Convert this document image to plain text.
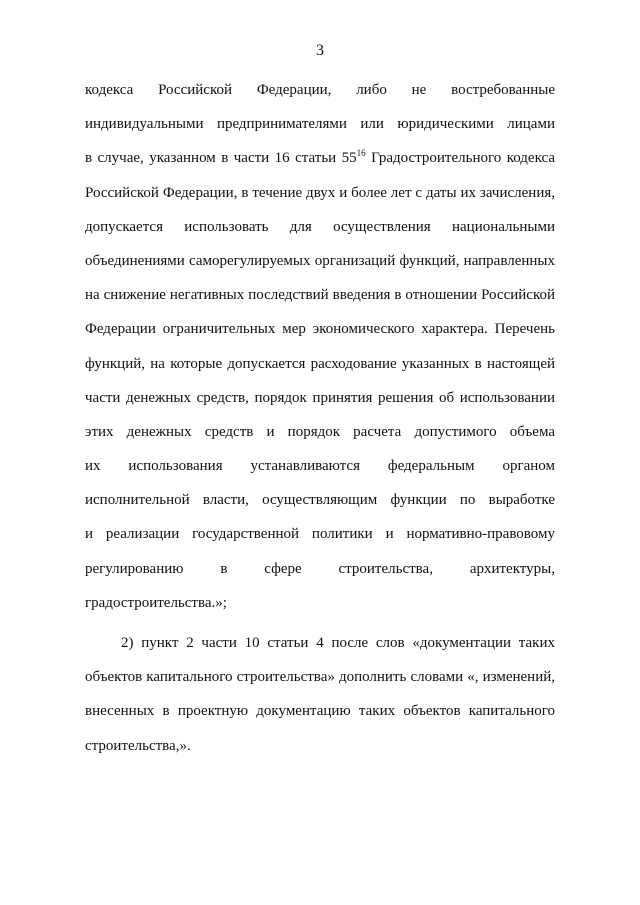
3
кодекса Российской Федерации, либо не востребованные
индивидуальными предпринимателями или юридическими лицами
в случае, указанном в части 16 статьи $55^{16}$ Градостроительного кодекса
Российской Федерации, в течение двух и более лет с даты их зачисления,
допускается использовать для осуществления национальными
объединениями саморегулируемых организаций функций, направленных
на снижение негативных последствий введения в отношении Российской
Федерации ограничительных мер экономического характера. Перечень
функций, на которые допускается расходование указанных в настоящей
части денежных средств, порядок принятия решения об использовании
этих денежных средств и порядок расчета допустимого объема
их использования устанавливаются федеральным органом
исполнительной власти, осуществляющим функции по выработке
и реализации государственной политики и нормативно-правовому
регулированию в сфере строительства, архитектуры,
градостроительства.»;
2) пункт 2 части 10 статьи 4 после слов «документации таких
объектов капитального строительства» дополнить словами «, изменений,
внесенных в проектную документацию таких объектов капитального
строительства,».
